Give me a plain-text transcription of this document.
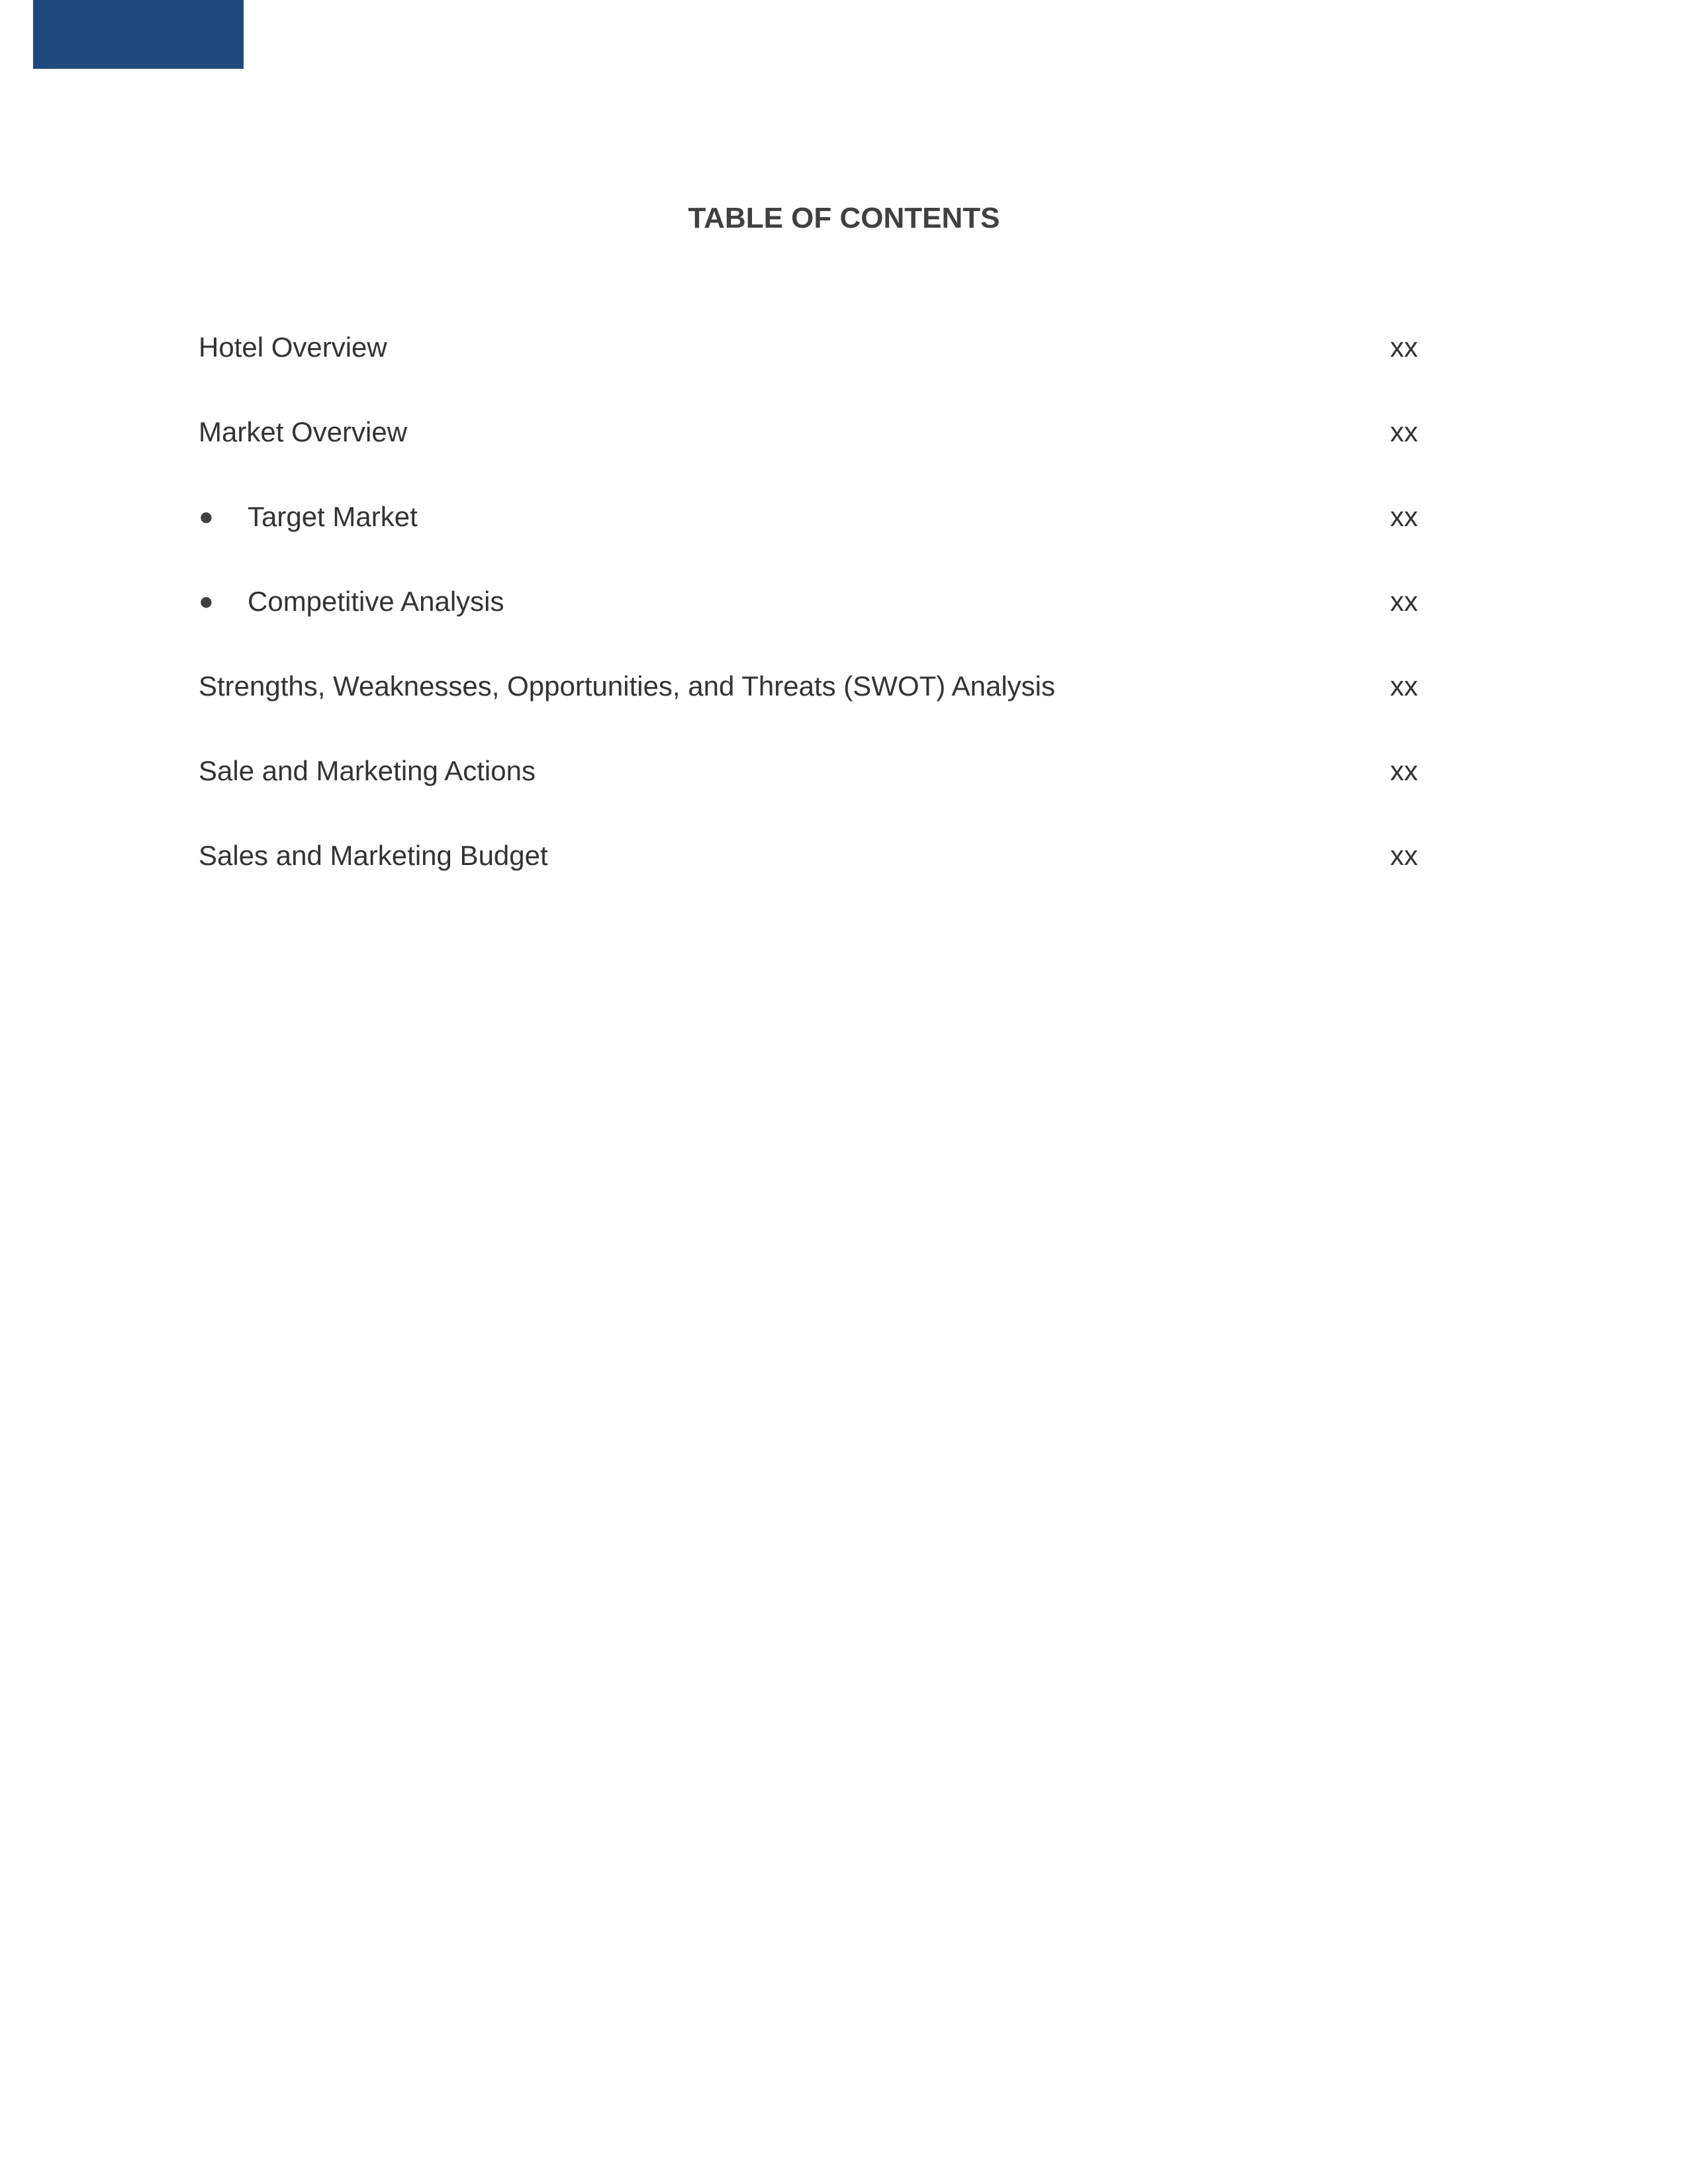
TABLE OF CONTENTS
Hotel Overview	xx
Market Overview	xx
● Target Market	xx
● Competitive Analysis	xx
Strengths, Weaknesses, Opportunities, and Threats (SWOT) Analysis	xx
Sale and Marketing Actions	xx
Sales and Marketing Budget	xx
